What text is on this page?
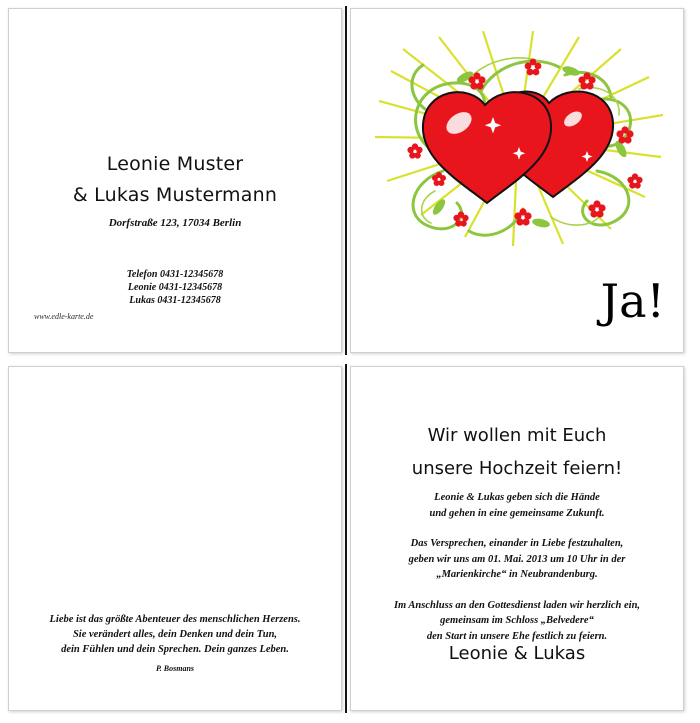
Leonie Muster
& Lukas Mustermann
Dorfstraße 123, 17034 Berlin
Telefon 0431-12345678
Leonie 0431-12345678
Lukas 0431-12345678
www.edle-karte.de	Ja!
Liebe ist das größte Abenteuer des menschlichen Herzens.
Sie verändert alles, dein Denken und dein Tun,
dein Fühlen und dein Sprechen. Dein ganzes Leben.
P. Bosmans
Wir wollen mit Euch
unsere Hochzeit feiern!
Leonie & Lukas geben sich die Hände
und gehen in eine gemeinsame Zukunft.
Das Versprechen, einander in Liebe festzuhalten,
geben wir uns am 01. Mai. 2013 um 10 Uhr in der
„Marienkirche“ in Neubrandenburg.
Im Anschluss an den Gottesdienst laden wir herzlich ein,
gemeinsam im Schloss „Belvedere“
den Start in unsere Ehe festlich zu feiern.
Leonie & Lukas
